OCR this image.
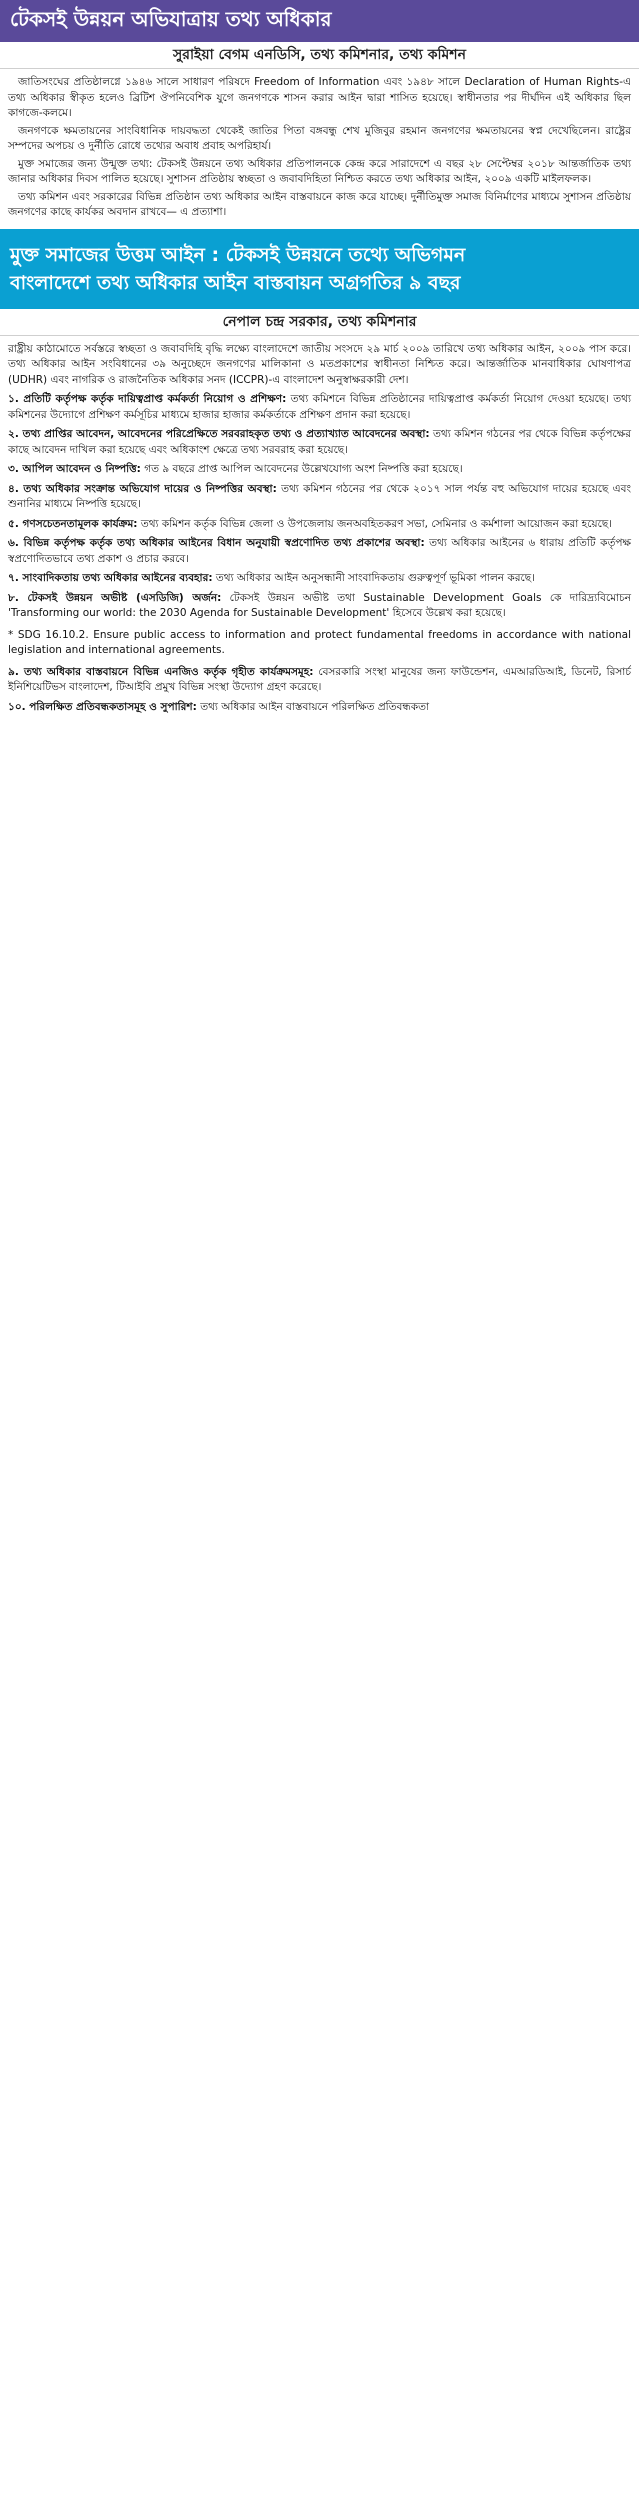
টেকসই উন্নয়ন অভিযাত্রায় তথ্য অধিকার
সুরাইয়া বেগম এনডিসি, তথ্য কমিশনার, তথ্য কমিশন

জাতিসংঘের প্রতিষ্ঠালগ্নে ১৯৪৬ সালে সাধারণ পরিষদে Freedom of Information এবং ১৯৪৮ সালে Declaration of Human Rights-এ তথ্য অধিকার স্বীকৃত হলেও ব্রিটিশ ঔপনিবেশিক যুগে জনগণকে শাসন করার আইন দ্বারা শাসিত হয়েছে। স্বাধীনতার পর দীর্ঘদিন এই অধিকার ছিল কাগজে-কলমে।

জনগণকে ক্ষমতায়নের সাংবিধানিক দায়বদ্ধতা থেকেই জাতির পিতা বঙ্গবন্ধু শেখ মুজিবুর রহমান জনগণের ক্ষমতায়নের স্বপ্ন দেখেছিলেন। রাষ্ট্রের সম্পদের অপচয় ও দুর্নীতি রোধে তথ্যের অবাধ প্রবাহ অপরিহার্য।

মুক্ত সমাজের জন্য উন্মুক্ত তথ্য: টেকসই উন্নয়নে তথ্য অধিকার প্রতিপালনকে কেন্দ্র করে সারাদেশে এ বছর ২৮ সেপ্টেম্বর ২০১৮ আন্তর্জাতিক তথ্য জানার অধিকার দিবস পালিত হয়েছে। সুশাসন প্রতিষ্ঠায় স্বচ্ছতা ও জবাবদিহিতা নিশ্চিত করতে তথ্য অধিকার আইন, ২০০৯ একটি মাইলফলক।

তথ্য কমিশন এবং সরকারের বিভিন্ন প্রতিষ্ঠান তথ্য অধিকার আইন বাস্তবায়নে কাজ করে যাচ্ছে। দুর্নীতিমুক্ত সমাজ বিনির্মাণের মাধ্যমে সুশাসন প্রতিষ্ঠায় জনগণের কাছে কার্যকর অবদান রাখবে— এ প্রত্যাশা।

মুক্ত সমাজের উত্তম আইন : টেকসই উন্নয়নে তথ্যে অভিগমন
বাংলাদেশে তথ্য অধিকার আইন বাস্তবায়ন অগ্রগতির ৯ বছর
নেপাল চন্দ্র সরকার, তথ্য কমিশনার
রাষ্ট্রীয় কাঠামোতে সর্বস্তরে স্বচ্ছতা ও জবাবদিহি বৃদ্ধি লক্ষ্যে বাংলাদেশে জাতীয় সংসদে ২৯ মার্চ ২০০৯ তারিখে তথ্য অধিকার আইন, ২০০৯ পাস করে। তথ্য অধিকার আইন সংবিধানের ৩৯ অনুচ্ছেদে জনগণের মালিকানা ও মতপ্রকাশের স্বাধীনতা নিশ্চিত করে। আন্তর্জাতিক মানবাধিকার ঘোষণাপত্র (UDHR) এবং নাগরিক ও রাজনৈতিক অধিকার সনদ (ICCPR)-এ বাংলাদেশ অনুস্বাক্ষরকারী দেশ।
১. প্রতিটি কর্তৃপক্ষ কর্তৃক দায়িত্বপ্রাপ্ত কর্মকর্তা নিয়োগ ও প্রশিক্ষণ: তথ্য কমিশনে বিভিন্ন প্রতিষ্ঠানের দায়িত্বপ্রাপ্ত কর্মকর্তা নিয়োগ দেওয়া হয়েছে। তথ্য কমিশনের উদ্যোগে প্রশিক্ষণ কর্মসূচির মাধ্যমে হাজার হাজার কর্মকর্তাকে প্রশিক্ষণ প্রদান করা হয়েছে।
২. তথ্য প্রাপ্তির আবেদন, আবেদনের পরিপ্রেক্ষিতে সরবরাহকৃত তথ্য ও প্রত্যাখ্যাত আবেদনের অবস্থা: তথ্য কমিশন গঠনের পর থেকে বিভিন্ন কর্তৃপক্ষের কাছে আবেদন দাখিল করা হয়েছে এবং অধিকাংশ ক্ষেত্রে তথ্য সরবরাহ করা হয়েছে।
৩. আপিল আবেদন ও নিষ্পত্তি: গত ৯ বছরে প্রাপ্ত আপিল আবেদনের উল্লেখযোগ্য অংশ নিষ্পত্তি করা হয়েছে।
৪. তথ্য অধিকার সংক্রান্ত অভিযোগ দায়ের ও নিষ্পত্তির অবস্থা: তথ্য কমিশন গঠনের পর থেকে ২০১৭ সাল পর্যন্ত বহু অভিযোগ দায়ের হয়েছে এবং শুনানির মাধ্যমে নিষ্পত্তি হয়েছে।
৫. গণসচেতনতামূলক কার্যক্রম: তথ্য কমিশন কর্তৃক বিভিন্ন জেলা ও উপজেলায় জনঅবহিতকরণ সভা, সেমিনার ও কর্মশালা আয়োজন করা হয়েছে।
৬. বিভিন্ন কর্তৃপক্ষ কর্তৃক তথ্য অধিকার আইনের বিধান অনুযায়ী স্বপ্রণোদিত তথ্য প্রকাশের অবস্থা: তথ্য অধিকার আইনের ৬ ধারায় প্রতিটি কর্তৃপক্ষ স্বপ্রণোদিতভাবে তথ্য প্রকাশ ও প্রচার করবে।
৭. সাংবাদিকতায় তথ্য অধিকার আইনের ব্যবহার: তথ্য অধিকার আইন অনুসন্ধানী সাংবাদিকতায় গুরুত্বপূর্ণ ভূমিকা পালন করছে।
৮. টেকসই উন্নয়ন অভীষ্ট (এসডিজি) অর্জন: টেকসই উন্নয়ন অভীষ্ট তথা Sustainable Development Goals কে দারিদ্র্যবিমোচন 'Transforming our world: the 2030 Agenda for Sustainable Development' হিসেবে উল্লেখ করা হয়েছে।
* SDG 16.10.2. Ensure public access to information and protect fundamental freedoms in accordance with national legislation and international agreements.
৯. তথ্য অধিকার বাস্তবায়নে বিভিন্ন এনজিও কর্তৃক গৃহীত কার্যক্রমসমূহ: বেসরকারি সংস্থা মানুষের জন্য ফাউন্ডেশন, এমআরডিআই, ডিনেট, রিসার্চ ইনিশিয়েটিভস বাংলাদেশ, টিআইবি প্রমুখ বিভিন্ন সংস্থা উদ্যোগ গ্রহণ করেছে।
১০. পরিলক্ষিত প্রতিবন্ধকতাসমূহ ও সুপারিশ: তথ্য অধিকার আইন বাস্তবায়নে পরিলক্ষিত প্রতিবন্ধকতা
